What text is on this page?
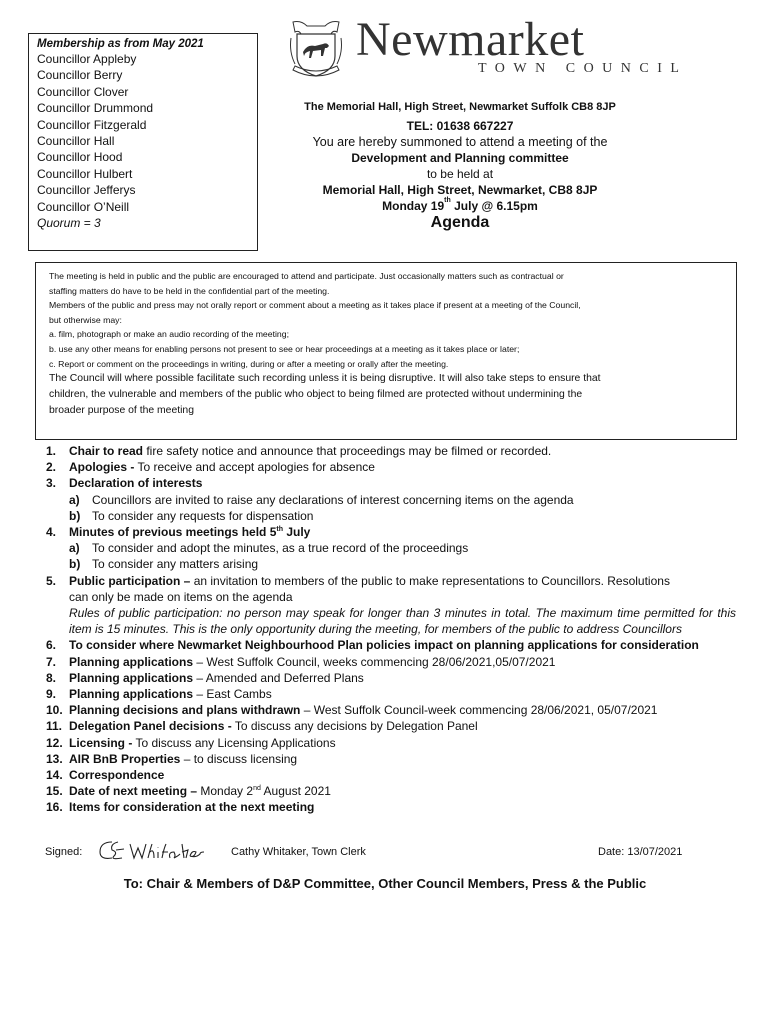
Membership as from May 2021
Councillor Appleby
Councillor Berry
Councillor Clover
Councillor Drummond
Councillor Fitzgerald
Councillor Hall
Councillor Hood
Councillor Hulbert
Councillor Jefferys
Councillor O’Neill
Quorum = 3
Newmarket
TOWN COUNCIL
The Memorial Hall, High Street, Newmarket Suffolk CB8 8JP
TEL: 01638 667227
You are hereby summoned to attend a meeting of the
Development and Planning committee
to be held at
Memorial Hall, High Street, Newmarket, CB8 8JP
Monday 19th July @ 6.15pm
Agenda
The meeting is held in public and the public are encouraged to attend and participate. Just occasionally matters such as contractual or
staffing matters do have to be held in the confidential part of the meeting.
Members of the public and press may not orally report or comment about a meeting as it takes place if present at a meeting of the Council,
but otherwise may:
a. film, photograph or make an audio recording of the meeting;
b. use any other means for enabling persons not present to see or hear proceedings at a meeting as it takes place or later;
c. Report or comment on the proceedings in writing, during or after a meeting or orally after the meeting.
The Council will where possible facilitate such recording unless it is being disruptive. It will also take steps to ensure that
children, the vulnerable and members of the public who object to being filmed are protected without undermining the
broader purpose of the meeting
1.	Chair to read fire safety notice and announce that proceedings may be filmed or recorded.
2.	Apologies - To receive and accept apologies for absence
3.	Declaration of interests
a)	Councillors are invited to raise any declarations of interest concerning items on the agenda
b) To consider any requests for dispensation
4.	Minutes of previous meetings held 5th July
a)	To consider and adopt the minutes, as a true record of the proceedings
b) To consider any matters arising
5.	Public participation – an invitation to members of the public to make representations to Councillors. Resolutions
can only be made on items on the agenda
Rules of public participation: no person may speak for longer than 3 minutes in total. The maximum time permitted for this item is 15 minutes. This is the only opportunity during the meeting, for members of the public to address Councillors
6.	To consider where Newmarket Neighbourhood Plan policies impact on planning applications for consideration
7.	Planning applications – West Suffolk Council, weeks commencing 28/06/2021,05/07/2021
8.	Planning applications – Amended and Deferred Plans
9.	Planning applications – East Cambs
10. Planning decisions and plans withdrawn – West Suffolk Council-week commencing 28/06/2021, 05/07/2021
11. Delegation Panel decisions - To discuss any decisions by Delegation Panel
12. Licensing - To discuss any Licensing Applications
13. AIR BnB Properties – to discuss licensing
14. Correspondence
15. Date of next meeting – Monday 2nd August 2021
16. Items for consideration at the next meeting
Signed:	Cathy Whitaker, Town Clerk	Date: 13/07/2021
To: Chair & Members of D&P Committee, Other Council Members, Press & the Public
